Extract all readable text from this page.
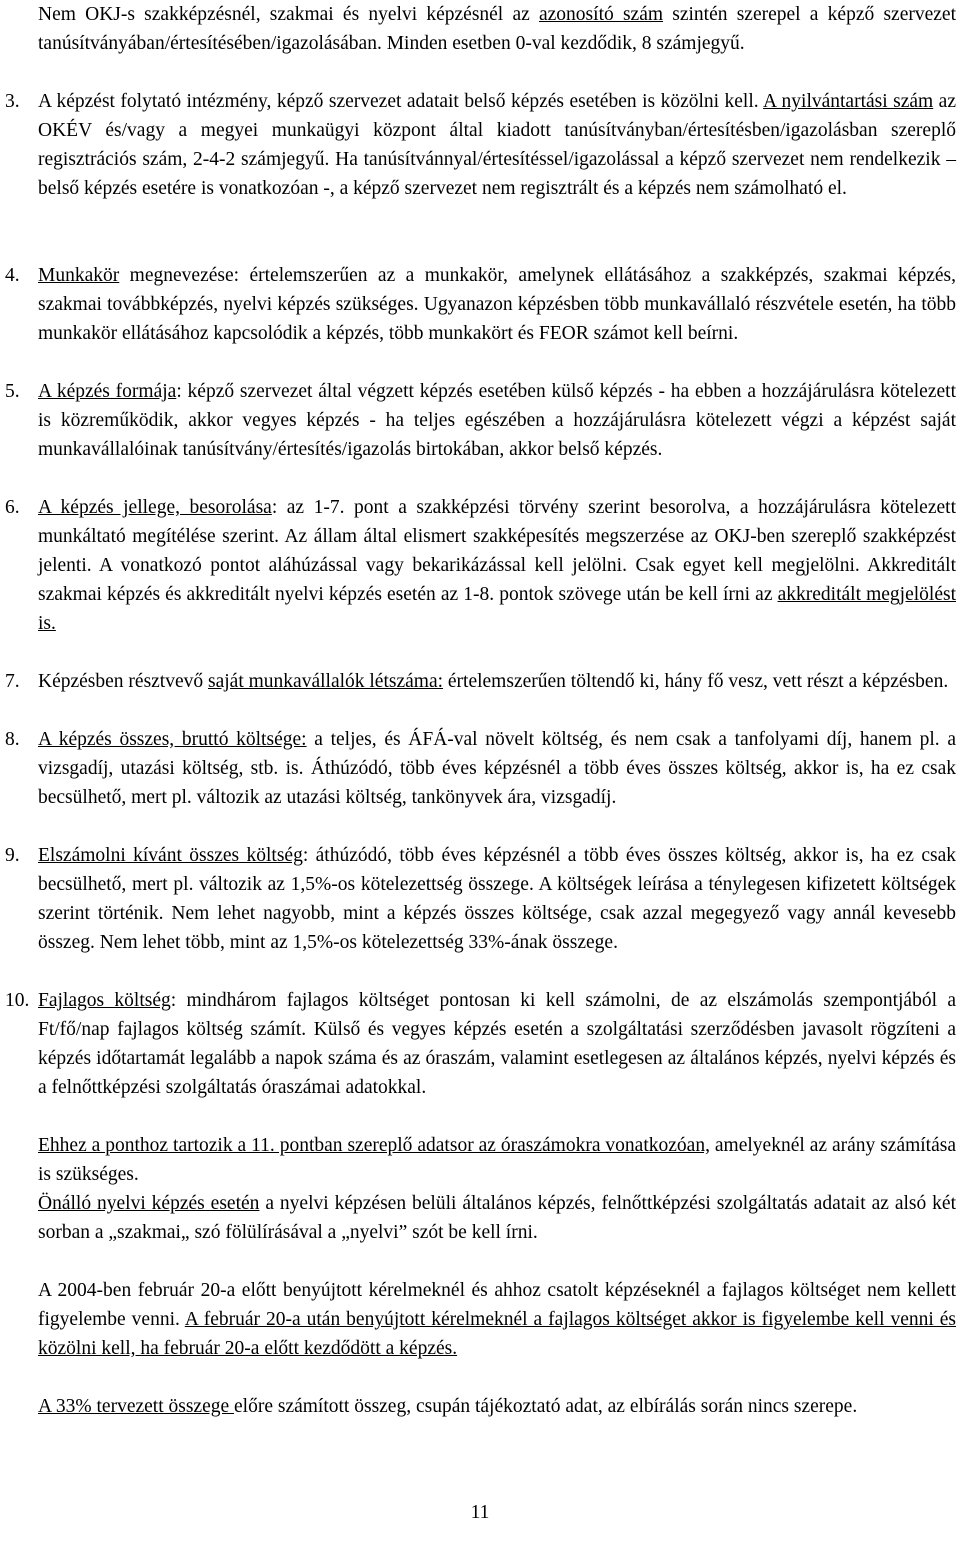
Nem OKJ-s szakképzésnél, szakmai és nyelvi képzésnél az azonosító szám szintén szerepel a képző szervezet tanúsítványában/értesítésében/igazolásában. Minden esetben 0-val kezdődik, 8 számjegyű.
3. A képzést folytató intézmény, képző szervezet adatait belső képzés esetében is közölni kell. A nyilvántartási szám az OKÉV és/vagy a megyei munkaügyi központ által kiadott tanúsítványban/értesítésben/igazolásban szereplő regisztrációs szám, 2-4-2 számjegyű. Ha tanúsítvánnyal/értesítéssel/igazolással a képző szervezet nem rendelkezik – belső képzés esetére is vonatkozóan -, a képző szervezet nem regisztrált és a képzés nem számolható el.
4. Munkakör megnevezése: értelemszerűen az a munkakör, amelynek ellátásához a szakképzés, szakmai képzés, szakmai továbbképzés, nyelvi képzés szükséges. Ugyanazon képzésben több munkavállaló részvétele esetén, ha több munkakör ellátásához kapcsolódik a képzés, több munkakört és FEOR számot kell beírni.
5. A képzés formája: képző szervezet által végzett képzés esetében külső képzés - ha ebben a hozzájárulásra kötelezett is közreműködik, akkor vegyes képzés - ha teljes egészében a hozzájárulásra kötelezett végzi a képzést saját munkavállalóinak tanúsítvány/értesítés/igazolás birtokában, akkor belső képzés.
6. A képzés jellege, besorolása: az 1-7. pont a szakképzési törvény szerint besorolva, a hozzájárulásra kötelezett munkáltató megítélése szerint. Az állam által elismert szakképesítés megszerzése az OKJ-ben szereplő szakképzést jelenti. A vonatkozó pontot aláhúzással vagy bekarikázással kell jelölni. Csak egyet kell megjelölni. Akkreditált szakmai képzés és akkreditált nyelvi képzés esetén az 1-8. pontok szövege után be kell írni az akkreditált megjelölést is.
7. Képzésben résztvevő saját munkavállalók létszáma: értelemszerűen töltendő ki, hány fő vesz, vett részt a képzésben.
8. A képzés összes, bruttó költsége: a teljes, és ÁFÁ-val növelt költség, és nem csak a tanfolyami díj, hanem pl. a vizsgadíj, utazási költség, stb. is. Áthúzódó, több éves képzésnél a több éves összes költség, akkor is, ha ez csak becsülhető, mert pl. változik az utazási költség, tankönyvek ára, vizsgadíj.
9. Elszámolni kívánt összes költség: áthúzódó, több éves képzésnél a több éves összes költség, akkor is, ha ez csak becsülhető, mert pl. változik az 1,5%-os kötelezettség összege. A költségek leírása a ténylegesen kifizetett költségek szerint történik. Nem lehet nagyobb, mint a képzés összes költsége, csak azzal megegyező vagy annál kevesebb összeg. Nem lehet több, mint az 1,5%-os kötelezettség 33%-ának összege.
10. Fajlagos költség: mindhárom fajlagos költséget pontosan ki kell számolni, de az elszámolás szempontjából a Ft/fő/nap fajlagos költség számít. Külső és vegyes képzés esetén a szolgáltatási szerződésben javasolt rögzíteni a képzés időtartamát legalább a napok száma és az óraszám, valamint esetlegesen az általános képzés, nyelvi képzés és a felnőttképzési szolgáltatás óraszámai adatokkal.
Ehhez a ponthoz tartozik a 11. pontban szereplő adatsor az óraszámokra vonatkozóan, amelyeknél az arány számítása is szükséges.
Önálló nyelvi képzés esetén a nyelvi képzésen belüli általános képzés, felnőttképzési szolgáltatás adatait az alsó két sorban a „szakmai„ szó fölülírásával a „nyelvi” szót be kell írni.
A 2004-ben február 20-a előtt benyújtott kérelmeknél és ahhoz csatolt képzéseknél a fajlagos költséget nem kellett figyelembe venni. A február 20-a után benyújtott kérelmeknél a fajlagos költséget akkor is figyelembe kell venni és közölni kell, ha február 20-a előtt kezdődött a képzés.
A 33% tervezett összege előre számított összeg, csupán tájékoztató adat, az elbírálás során nincs szerepe.
11
